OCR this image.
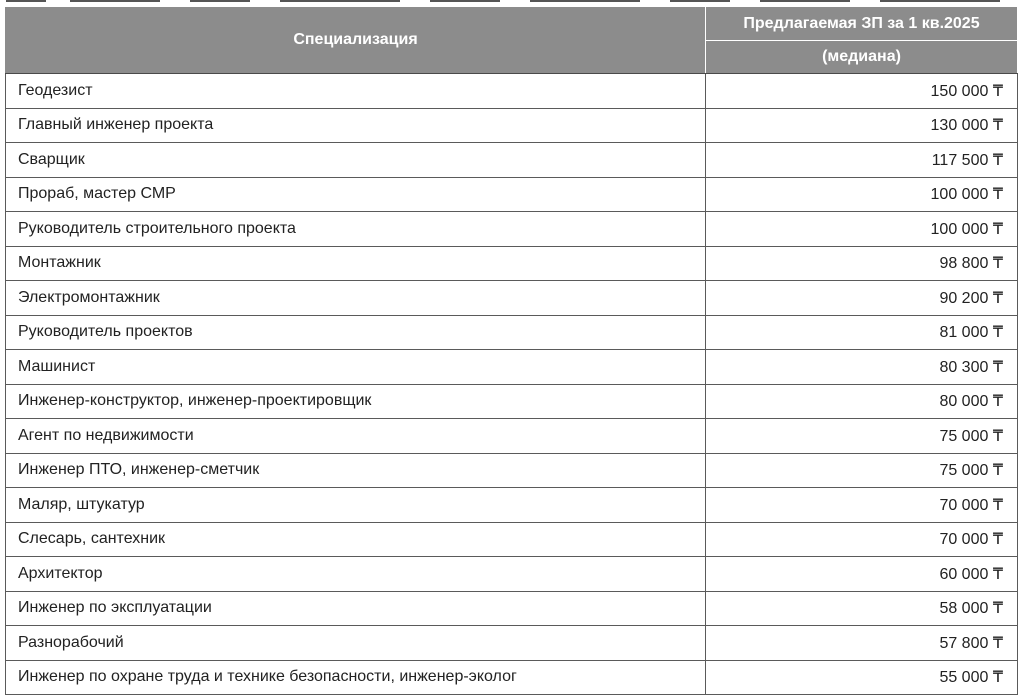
Специализация	Предлагаемая ЗП за 1 кв.2025
	(медиана)
Геодезист	150 000 ₸
Главный инженер проекта	130 000 ₸
Сварщик	117 500 ₸
Прораб, мастер СМР	100 000 ₸
Руководитель строительного проекта	100 000 ₸
Монтажник	98 800 ₸
Электромонтажник	90 200 ₸
Руководитель проектов	81 000 ₸
Машинист	80 300 ₸
Инженер-конструктор, инженер-проектировщик	80 000 ₸
Агент по недвижимости	75 000 ₸
Инженер ПТО, инженер-сметчик	75 000 ₸
Маляр, штукатур	70 000 ₸
Слесарь, сантехник	70 000 ₸
Архитектор	60 000 ₸
Инженер по эксплуатации	58 000 ₸
Разнорабочий	57 800 ₸
Инженер по охране труда и технике безопасности, инженер-эколог	55 000 ₸
